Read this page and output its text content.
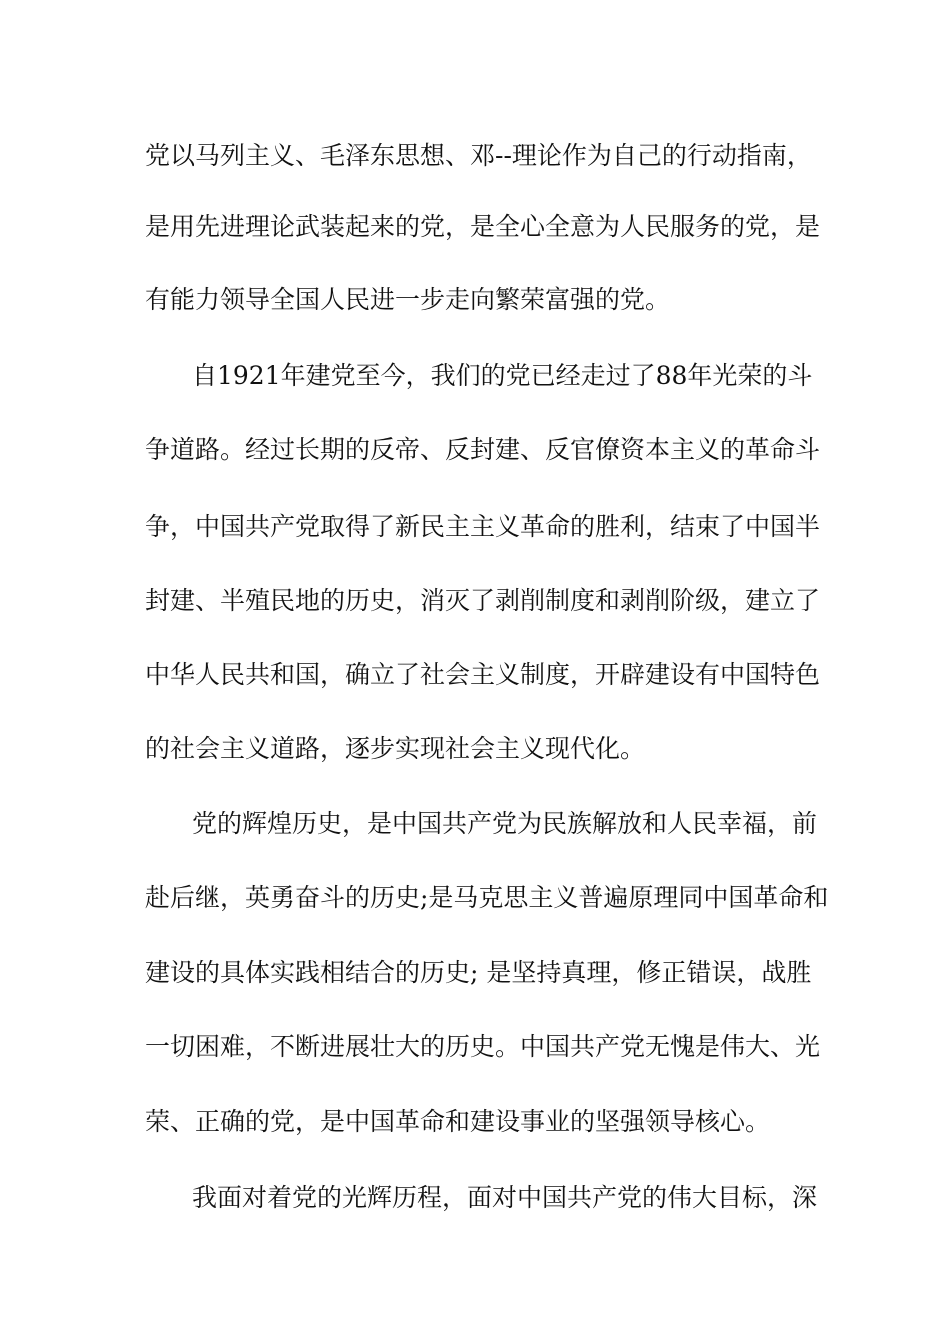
党以马列主义、毛泽东思想、邓--理论作为自己的行动指南，
是用先进理论武装起来的党，是全心全意为人民服务的党，是
有能力领导全国人民进一步走向繁荣富强的党。
自1921年建党至今，我们的党已经走过了88年光荣的斗
争道路。经过长期的反帝、反封建、反官僚资本主义的革命斗
争，中国共产党取得了新民主主义革命的胜利，结束了中国半
封建、半殖民地的历史，消灭了剥削制度和剥削阶级，建立了
中华人民共和国，确立了社会主义制度，开辟建设有中国特色
的社会主义道路，逐步实现社会主义现代化。
党的辉煌历史，是中国共产党为民族解放和人民幸福，前
赴后继，英勇奋斗的历史;是马克思主义普遍原理同中国革命和
建设的具体实践相结合的历史; 是坚持真理，修正错误，战胜
一切困难，不断进展壮大的历史。中国共产党无愧是伟大、光
荣、正确的党，是中国革命和建设事业的坚强领导核心。
我面对着党的光辉历程，面对中国共产党的伟大目标，深
